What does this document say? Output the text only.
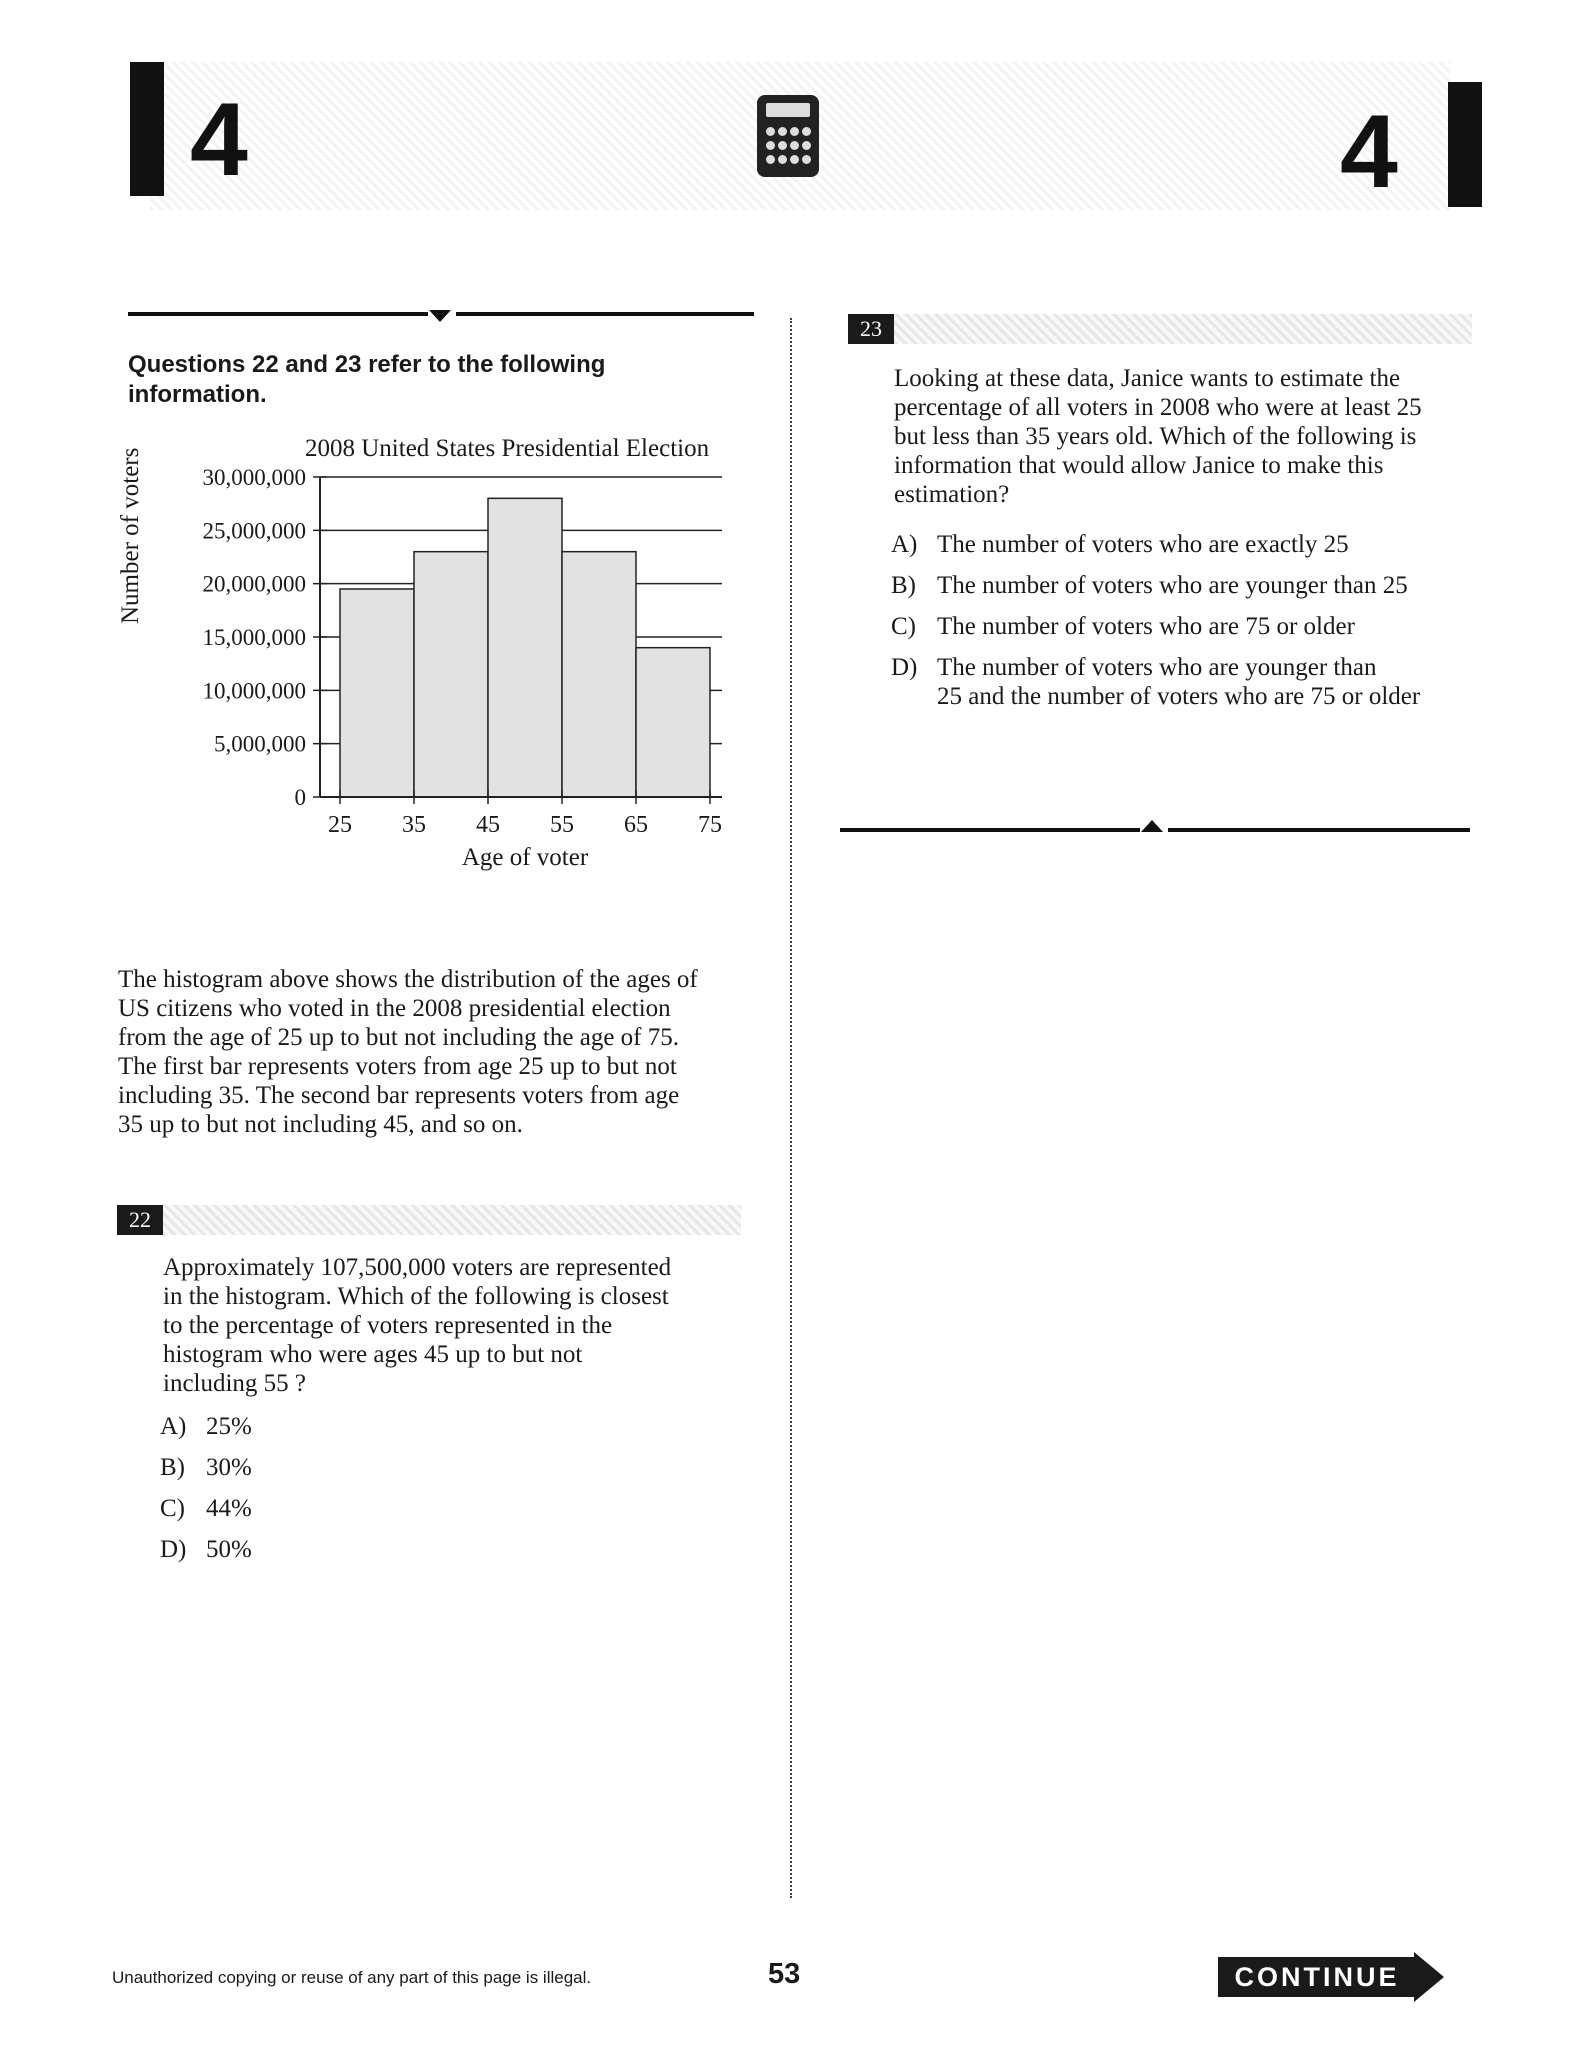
4	4
Questions 22 and 23 refer to the following
information.
2008 United States Presidential Election
Number of voters	30,000,000
25,000,000
20,000,000
15,000,000
10,000,000
5,000,000
0
25 35 45 55 65 75
Age of voter
The histogram above shows the distribution of the ages of
US citizens who voted in the 2008 presidential election
from the age of 25 up to but not including the age of 75.
The first bar represents voters from age 25 up to but not
including 35. The second bar represents voters from age
35 up to but not including 45, and so on.
22
Approximately 107,500,000 voters are represented
in the histogram. Which of the following is closest
to the percentage of voters represented in the
histogram who were ages 45 up to but not
including 55 ?
A) 25%
B) 30%
C) 44%
D) 50%
23
Looking at these data, Janice wants to estimate the
percentage of all voters in 2008 who were at least 25
but less than 35 years old. Which of the following is
information that would allow Janice to make this
estimation?
A) The number of voters who are exactly 25
B) The number of voters who are younger than 25
C) The number of voters who are 75 or older
D) The number of voters who are younger than
25 and the number of voters who are 75 or older
Unauthorized copying or reuse of any part of this page is illegal.	53	CONTINUE
